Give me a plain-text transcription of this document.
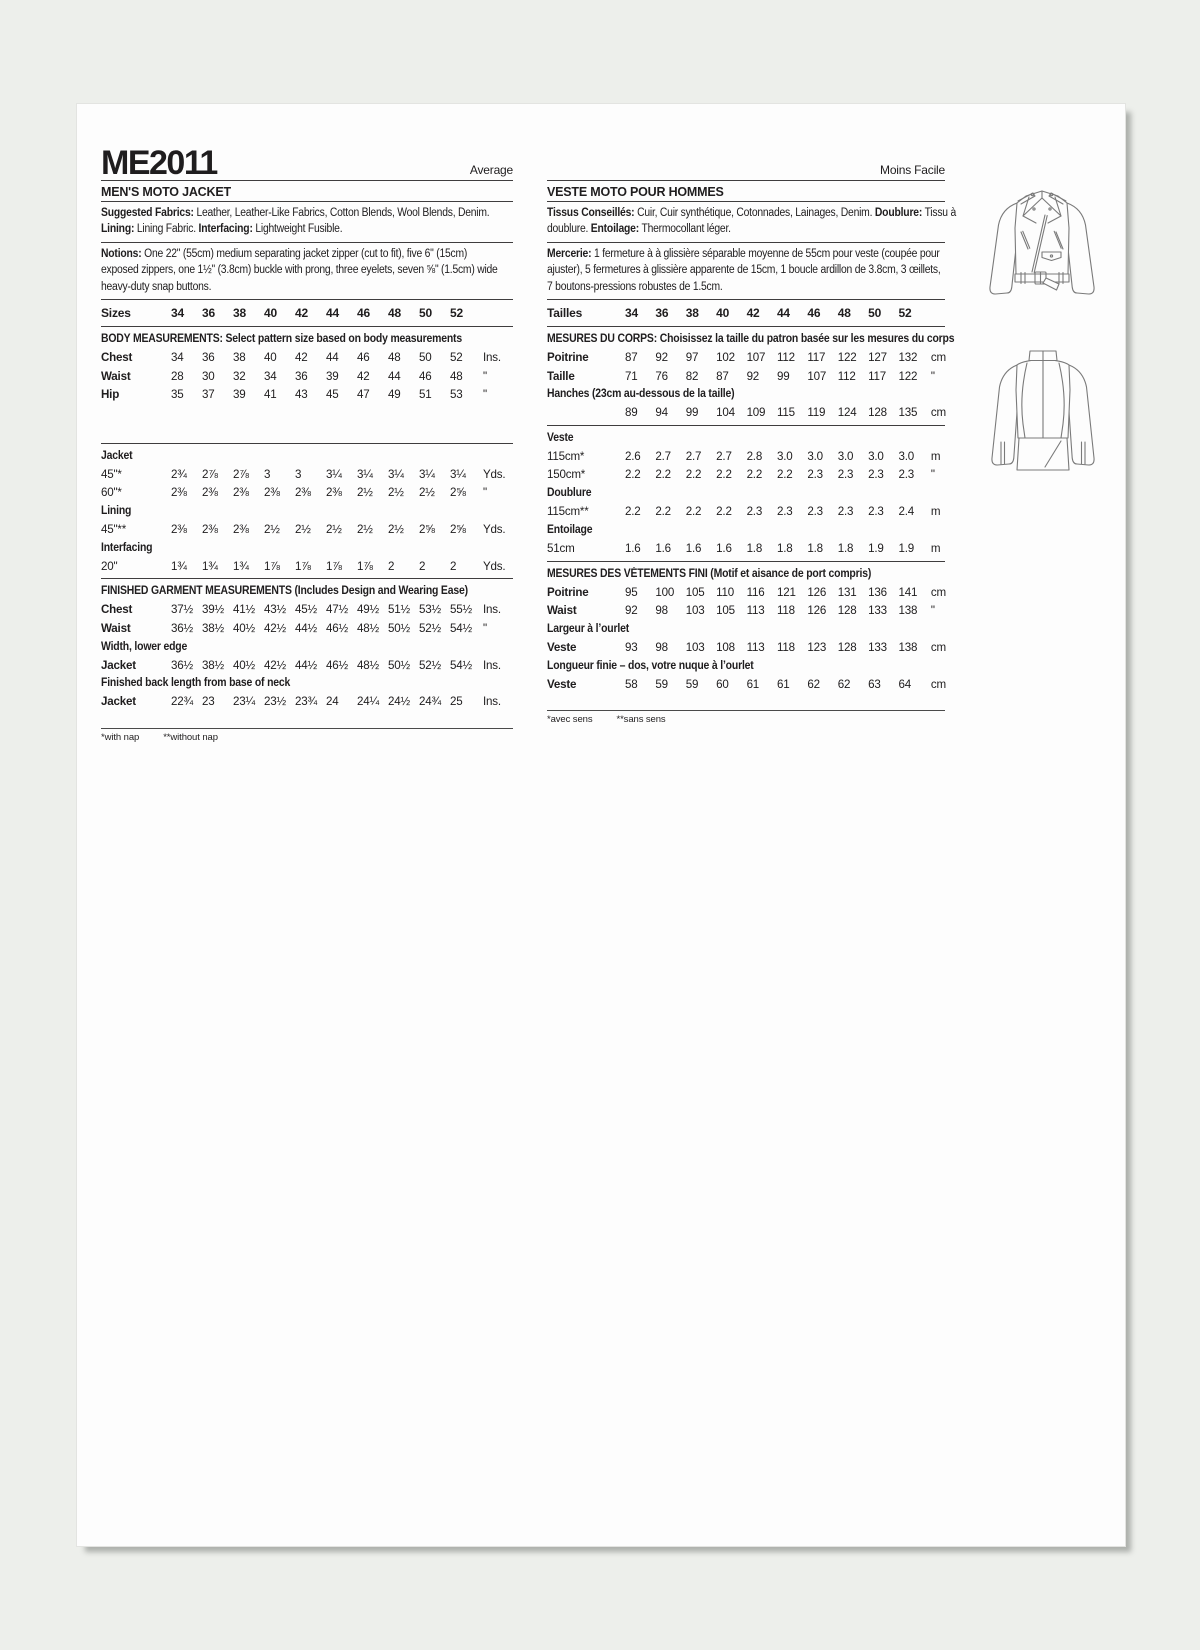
ME2011	Average
MEN'S MOTO JACKET
Suggested Fabrics: Leather, Leather-Like Fabrics, Cotton Blends, Wool Blends, Denim.
Lining: Lining Fabric. Interfacing: Lightweight Fusible.
Notions: One 22" (55cm) medium separating jacket zipper (cut to fit), five 6" (15cm)
exposed zippers, one 1½" (3.8cm) buckle with prong, three eyelets, seven ⅝" (1.5cm) wide
heavy-duty snap buttons.
Sizes	34	36	38	40	42	44	46	48	50	52
BODY MEASUREMENTS: Select pattern size based on body measurements
Chest	34	36	38	40	42	44	46	48	50	52	Ins.
Waist	28	30	32	34	36	39	42	44	46	48	"
Hip	35	37	39	41	43	45	47	49	51	53	"
Jacket
45"*	2¾	2⅞	2⅞	3	3	3¼	3¼	3¼	3¼	3¼	Yds.
60"*	2⅜	2⅜	2⅜	2⅜	2⅜	2⅜	2½	2½	2½	2⅝	"
Lining
45"**	2⅜	2⅜	2⅜	2½	2½	2½	2½	2½	2⅝	2⅝	Yds.
Interfacing
20"	1¾	1¾	1¾	1⅞	1⅞	1⅞	1⅞	2	2	2	Yds.
FINISHED GARMENT MEASUREMENTS (Includes Design and Wearing Ease)
Chest	37½ 39½ 41½ 43½ 45½ 47½ 49½ 51½ 53½ 55½ Ins.
Waist	36½ 38½ 40½ 42½ 44½ 46½ 48½ 50½ 52½ 54½ "
Width, lower edge
Jacket	36½ 38½ 40½ 42½ 44½ 46½ 48½ 50½ 52½ 54½ Ins.
Finished back length from base of neck
Jacket	22¾ 23	23¼ 23½ 23¾ 24	24¼ 24½ 24¾ 25	Ins.
*with nap	**without nap
Moins Facile
VESTE MOTO POUR HOMMES
Tissus Conseillés: Cuir, Cuir synthétique, Cotonnades, Lainages, Denim. Doublure: Tissu à
doublure. Entoilage: Thermocollant léger.
Mercerie: 1 fermeture à à glissière séparable moyenne de 55cm pour veste (coupée pour
ajuster), 5 fermetures à glissière apparente de 15cm, 1 boucle ardillon de 3.8cm, 3 œillets,
7 boutons-pressions robustes de 1.5cm.
Tailles	34	36	38	40	42	44	46	48	50	52
MESURES DU CORPS: Choisissez la taille du patron basée sur les mesures du corps
Poitrine	87	92	97	102	107	112	117	122	127	132	cm
Taille	71	76	82	87	92	99	107	112	117	122	"
Hanches (23cm au-dessous de la taille)
89	94	99	104	109	115	119	124	128	135	cm
Veste
115cm*	2.6	2.7	2.7	2.7	2.8	3.0	3.0	3.0	3.0	3.0	m
150cm*	2.2	2.2	2.2	2.2	2.2	2.2	2.3	2.3	2.3	2.3	"
Doublure
115cm**	2.2	2.2	2.2	2.2	2.3	2.3	2.3	2.3	2.3	2.4	m
Entoilage
51cm	1.6	1.6	1.6	1.6	1.8	1.8	1.8	1.8	1.9	1.9	m
MESURES DES VÉTEMENTS FINI (Motif et aisance de port compris)
Poitrine	95	100	105	110	116	121	126	131	136	141	cm
Waist	92	98	103	105	113	118	126	128	133	138	"
Largeur à l’ourlet
Veste	93	98	103	108	113	118	123	128	133	138	cm
Longueur finie – dos, votre nuque à l’ourlet
Veste	58	59	59	60	61	61	62	62	63	64	cm
*avec sens	**sans sens
